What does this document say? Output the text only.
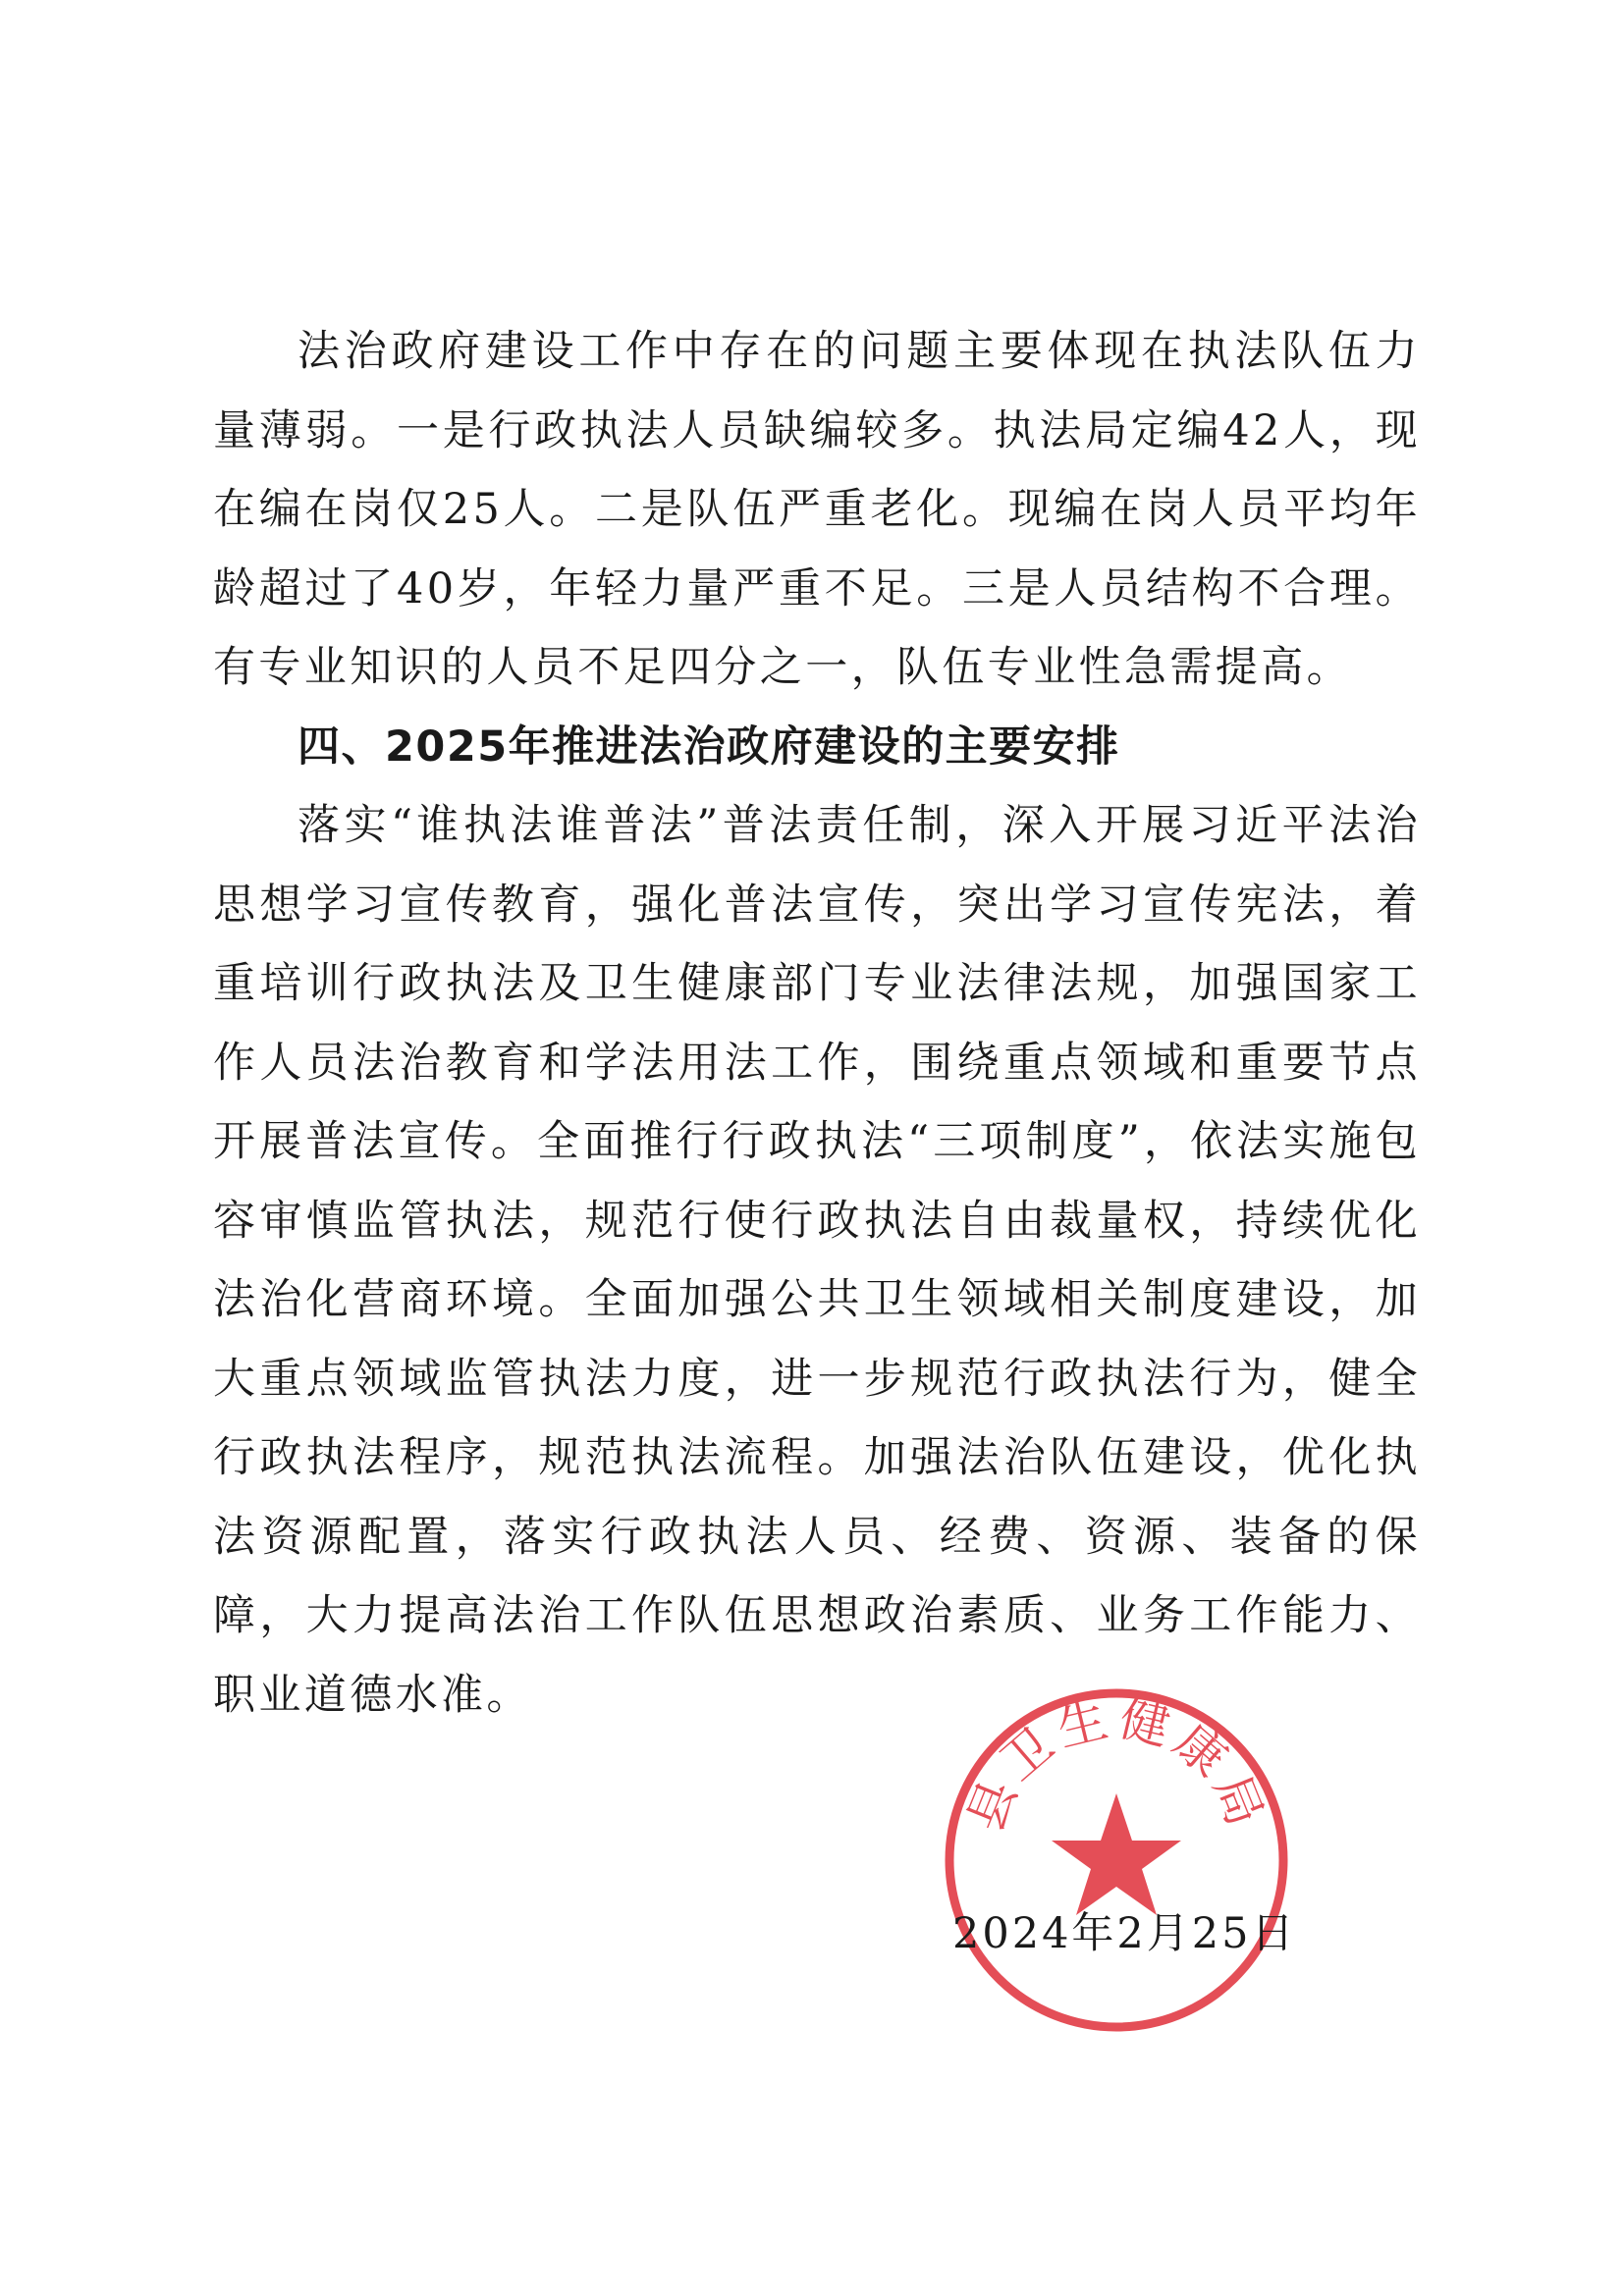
法治政府建设工作中存在的问题主要体现在执法队伍力量薄弱。一是行政执法人员缺编较多。执法局定编42人，现在编在岗仅25人。二是队伍严重老化。现编在岗人员平均年龄超过了40岁，年轻力量严重不足。三是人员结构不合理。有专业知识的人员不足四分之一，队伍专业性急需提高。

四、2025年推进法治政府建设的主要安排

落实“谁执法谁普法”普法责任制，深入开展习近平法治思想学习宣传教育，强化普法宣传，突出学习宣传宪法，着重培训行政执法及卫生健康部门专业法律法规，加强国家工作人员法治教育和学法用法工作，围绕重点领域和重要节点开展普法宣传。全面推行行政执法“三项制度”，依法实施包容审慎监管执法，规范行使行政执法自由裁量权，持续优化法治化营商环境。全面加强公共卫生领域相关制度建设，加大重点领域监管执法力度，进一步规范行政执法行为，健全行政执法程序，规范执法流程。加强法治队伍建设，优化执法资源配置，落实行政执法人员、经费、资源、装备的保障，大力提高法治工作队伍思想政治素质、业务工作能力、职业道德水准。

县卫生健康局
2024年2月25日
